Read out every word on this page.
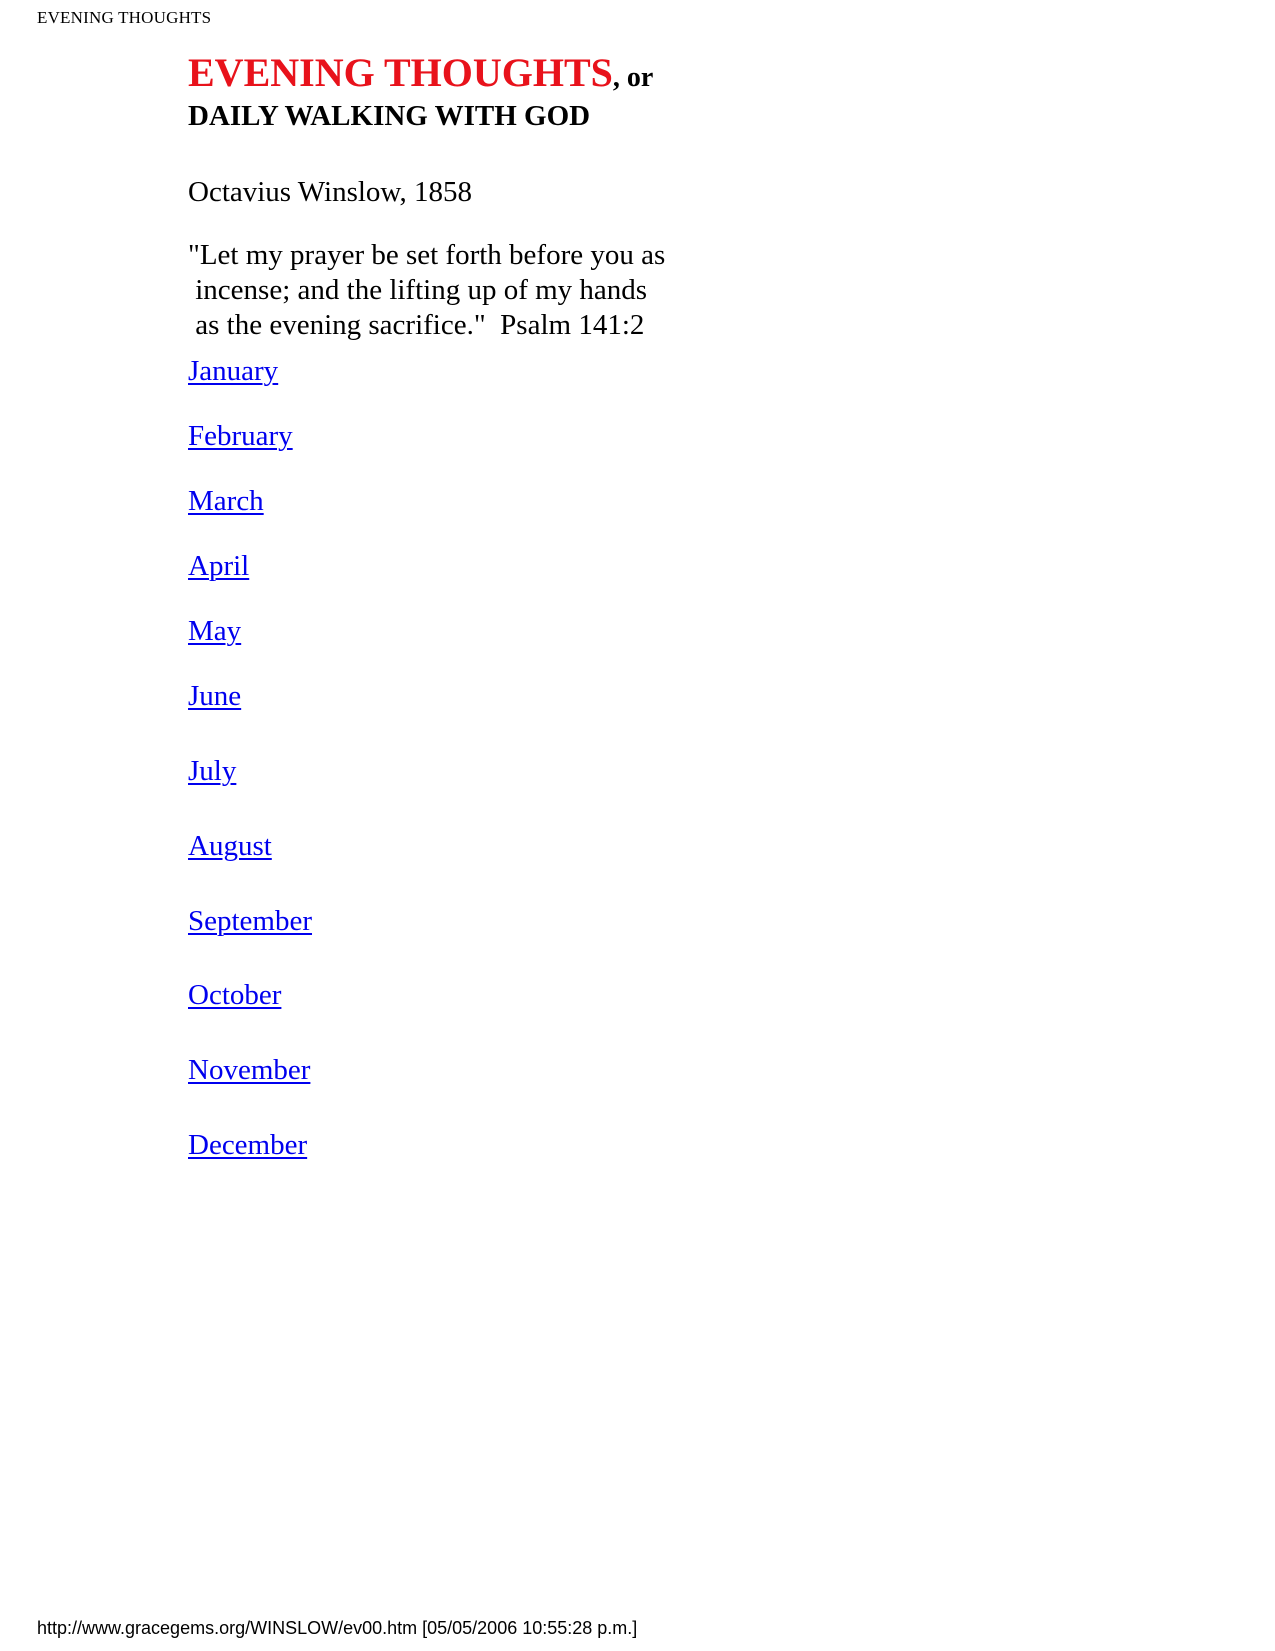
EVENING THOUGHTS
EVENING THOUGHTS, or
DAILY WALKING WITH GOD
Octavius Winslow, 1858
"Let my prayer be set forth before you as
incense; and the lifting up of my hands
as the evening sacrifice."  Psalm 141:2
January
February
March
April
May
June
July
August
September
October
November
December
http://www.gracegems.org/WINSLOW/ev00.htm [05/05/2006 10:55:28 p.m.]
